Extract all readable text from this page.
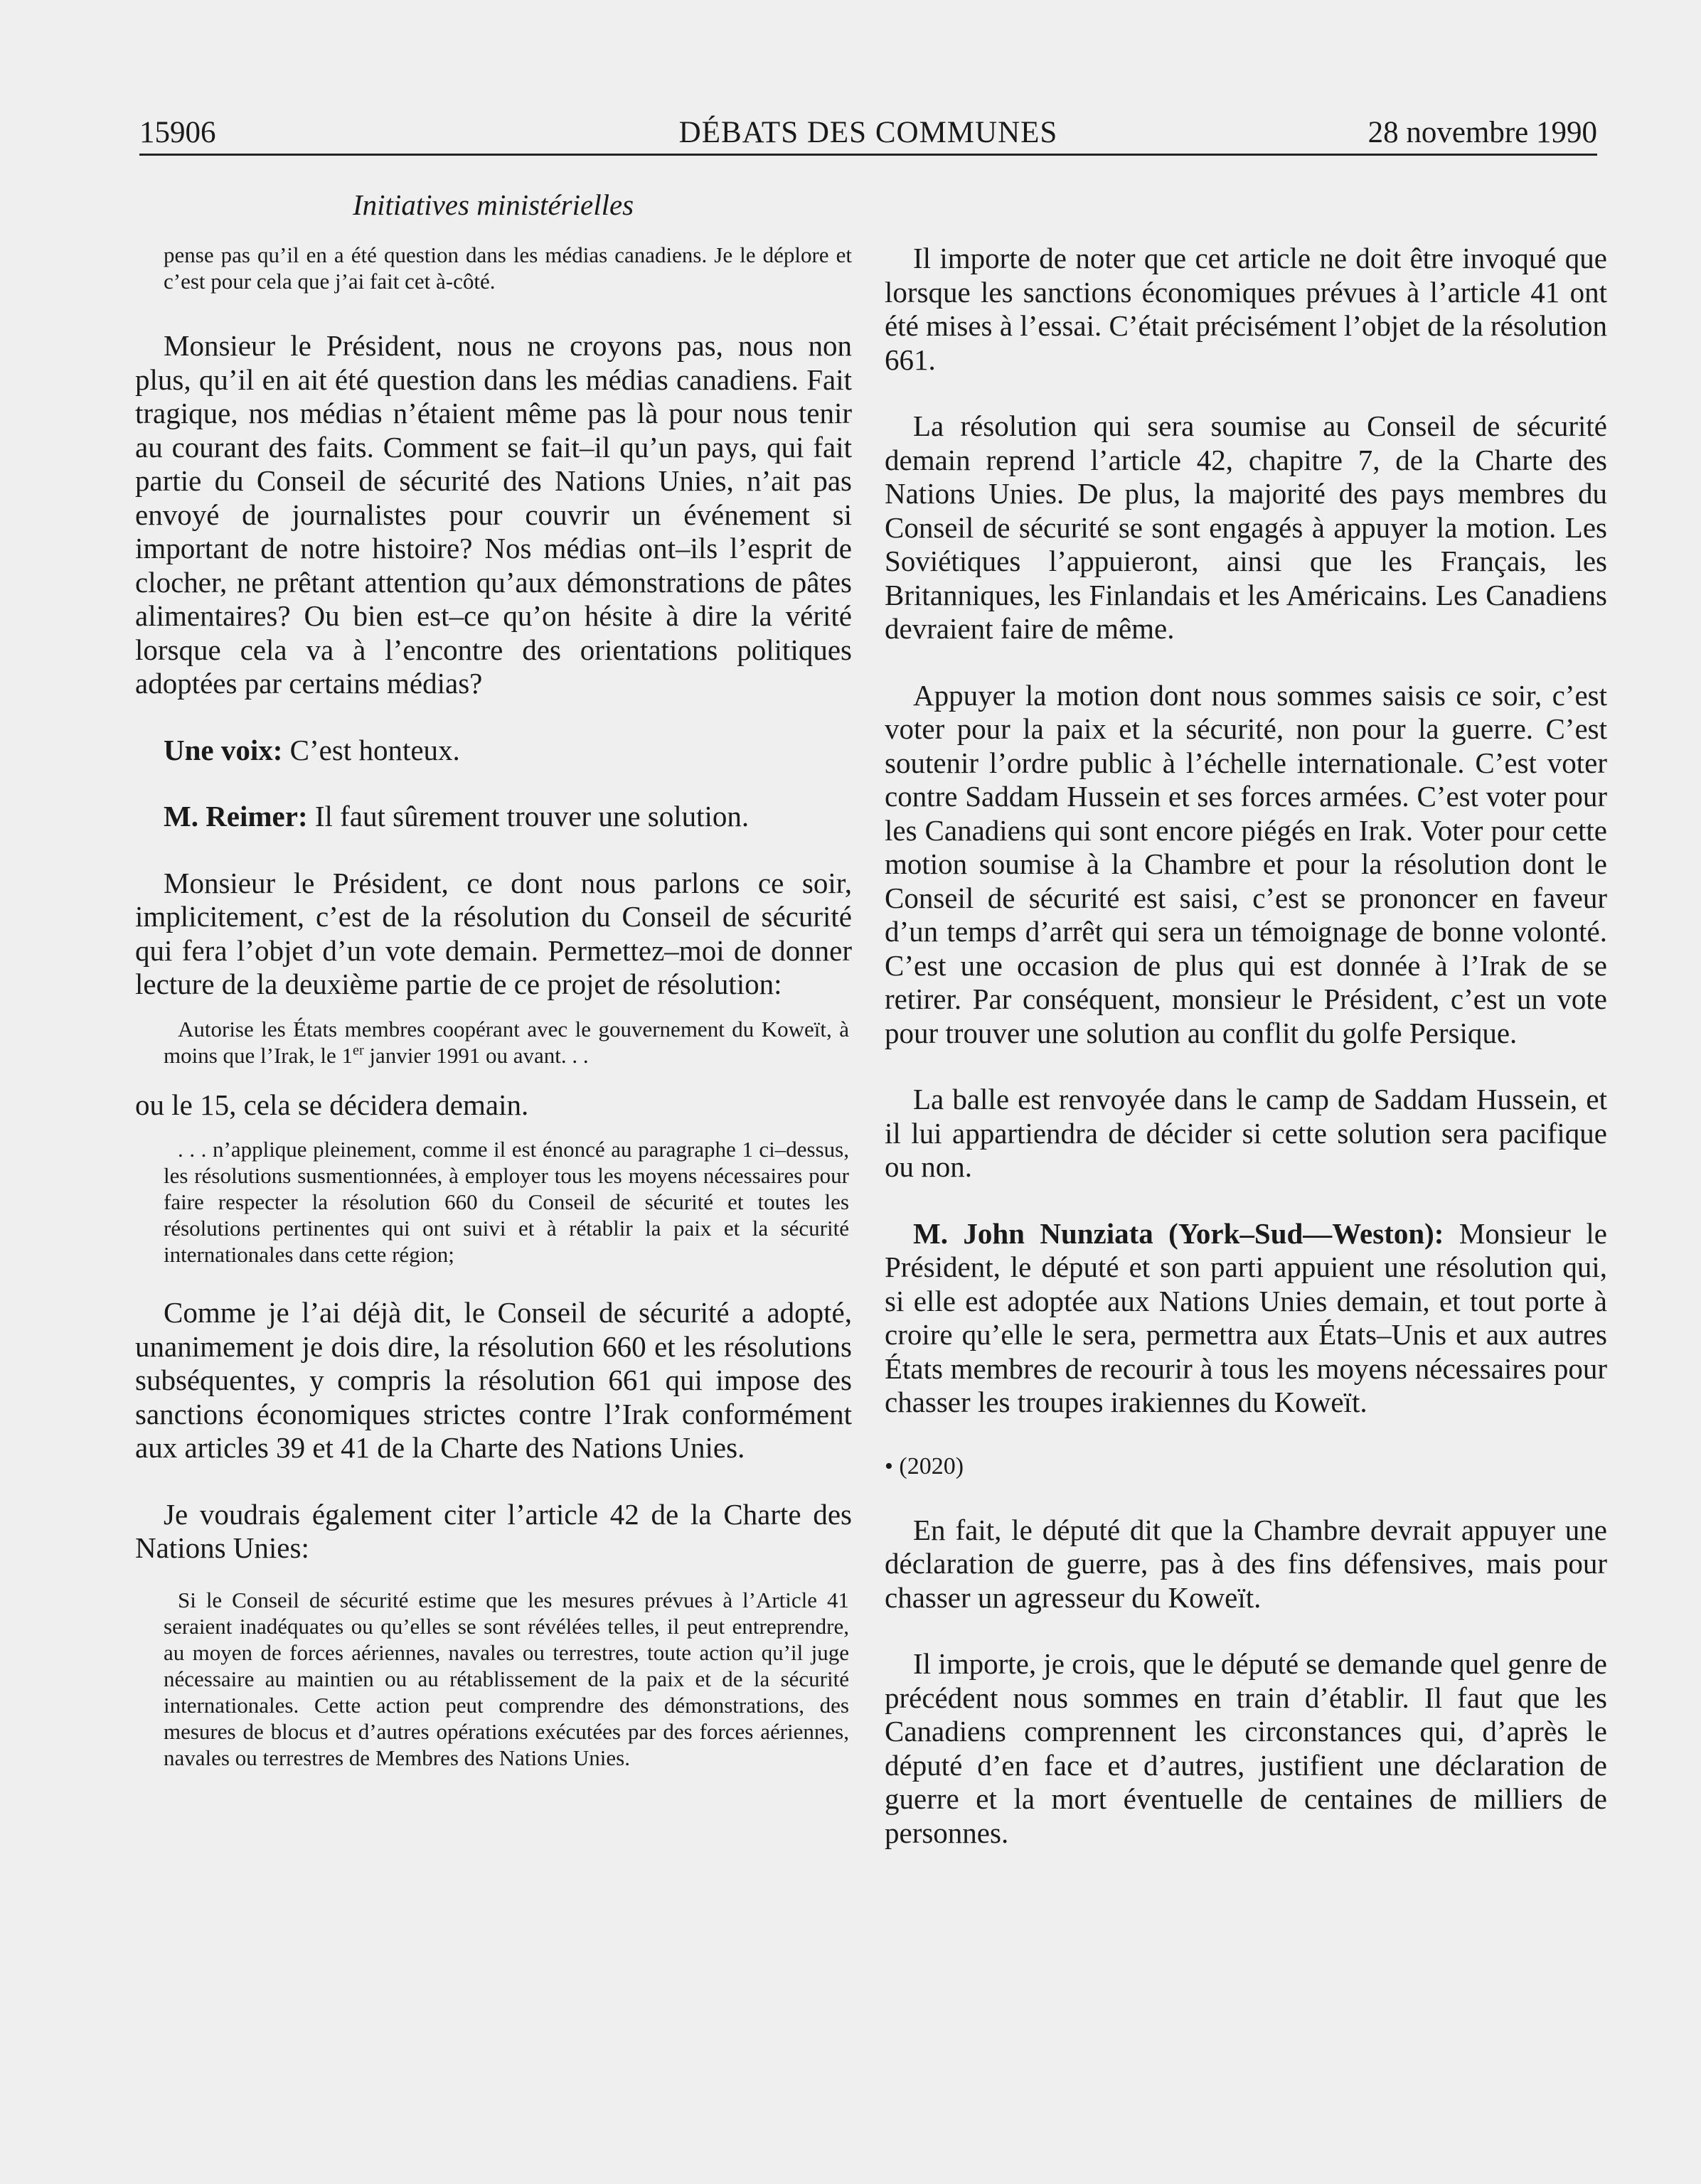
15906	DÉBATS DES COMMUNES	28 novembre 1990
Initiatives ministérielles

pense pas qu’il en a été question dans les médias canadiens. Je le déplore et c’est pour cela que j’ai fait cet à-côté.

Monsieur le Président, nous ne croyons pas, nous non plus, qu’il en ait été question dans les médias canadiens. Fait tragique, nos médias n’étaient même pas là pour nous tenir au courant des faits. Comment se fait–il qu’un pays, qui fait partie du Conseil de sécurité des Nations Unies, n’ait pas envoyé de journalistes pour couvrir un événement si important de notre histoire? Nos médias ont–ils l’esprit de clocher, ne prêtant attention qu’aux démonstrations de pâtes alimentaires? Ou bien est–ce qu’on hésite à dire la vérité lorsque cela va à l’encontre des orientations politiques adoptées par certains médias?

Une voix: C’est honteux.

M. Reimer: Il faut sûrement trouver une solution.

Monsieur le Président, ce dont nous parlons ce soir, implicitement, c’est de la résolution du Conseil de sécurité qui fera l’objet d’un vote demain. Permettez–moi de donner lecture de la deuxième partie de ce projet de résolution:

Autorise les États membres coopérant avec le gouvernement du Koweït, à moins que l’Irak, le 1er janvier 1991 ou avant. . .

ou le 15, cela se décidera demain.

. . . n’applique pleinement, comme il est énoncé au paragraphe 1 ci–dessus, les résolutions susmentionnées, à employer tous les moyens nécessaires pour faire respecter la résolution 660 du Conseil de sécurité et toutes les résolutions pertinentes qui ont suivi et à rétablir la paix et la sécurité internationales dans cette région;

Comme je l’ai déjà dit, le Conseil de sécurité a adopté, unanimement je dois dire, la résolution 660 et les résolutions subséquentes, y compris la résolution 661 qui impose des sanctions économiques strictes contre l’Irak conformément aux articles 39 et 41 de la Charte des Nations Unies.

Je voudrais également citer l’article 42 de la Charte des Nations Unies:

Si le Conseil de sécurité estime que les mesures prévues à l’Article 41 seraient inadéquates ou qu’elles se sont révélées telles, il peut entreprendre, au moyen de forces aériennes, navales ou terrestres, toute action qu’il juge nécessaire au maintien ou au rétablissement de la paix et de la sécurité internationales. Cette action peut comprendre des démonstrations, des mesures de blocus et d’autres opérations exécutées par des forces aériennes, navales ou terrestres de Membres des Nations Unies.

Il importe de noter que cet article ne doit être invoqué que lorsque les sanctions économiques prévues à l’article 41 ont été mises à l’essai. C’était précisément l’objet de la résolution 661.

La résolution qui sera soumise au Conseil de sécurité demain reprend l’article 42, chapitre 7, de la Charte des Nations Unies. De plus, la majorité des pays membres du Conseil de sécurité se sont engagés à appuyer la motion. Les Soviétiques l’appuieront, ainsi que les Français, les Britanniques, les Finlandais et les Américains. Les Canadiens devraient faire de même.

Appuyer la motion dont nous sommes saisis ce soir, c’est voter pour la paix et la sécurité, non pour la guerre. C’est soutenir l’ordre public à l’échelle internationale. C’est voter contre Saddam Hussein et ses forces armées. C’est voter pour les Canadiens qui sont encore piégés en Irak. Voter pour cette motion soumise à la Chambre et pour la résolution dont le Conseil de sécurité est saisi, c’est se prononcer en faveur d’un temps d’arrêt qui sera un témoignage de bonne volonté. C’est une occasion de plus qui est donnée à l’Irak de se retirer. Par conséquent, monsieur le Président, c’est un vote pour trouver une solution au conflit du golfe Persique.

La balle est renvoyée dans le camp de Saddam Hussein, et il lui appartiendra de décider si cette solution sera pacifique ou non.

M. John Nunziata (York–Sud—Weston): Monsieur le Président, le député et son parti appuient une résolution qui, si elle est adoptée aux Nations Unies demain, et tout porte à croire qu’elle le sera, permettra aux États–Unis et aux autres États membres de recourir à tous les moyens nécessaires pour chasser les troupes irakiennes du Koweït.

• (2020)

En fait, le député dit que la Chambre devrait appuyer une déclaration de guerre, pas à des fins défensives, mais pour chasser un agresseur du Koweït.

Il importe, je crois, que le député se demande quel genre de précédent nous sommes en train d’établir. Il faut que les Canadiens comprennent les circonstances qui, d’après le député d’en face et d’autres, justifient une déclaration de guerre et la mort éventuelle de centaines de milliers de personnes.
